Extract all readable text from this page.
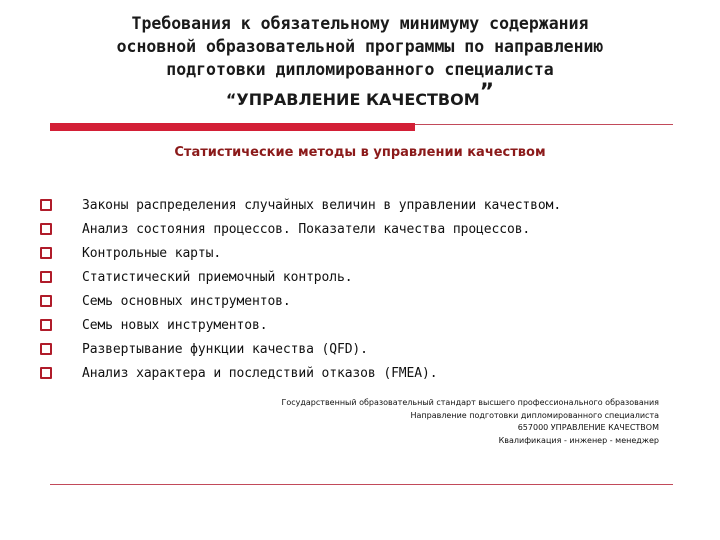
Требования к обязательному минимуму содержания
основной образовательной программы по направлению
подготовки дипломированного специалиста
“УПРАВЛЕНИЕ КАЧЕСТВОМ”
Статистические методы в управлении качеством
Законы распределения случайных величин в управлении качеством.
Анализ состояния процессов. Показатели качества процессов.
Контрольные карты.
Статистический приемочный контроль.
Семь основных инструментов.
Семь новых инструментов.
Развертывание функции качества (QFD).
Анализ характера и последствий отказов (FMEA).
Государственный образовательный стандарт высшего профессионального образования
Направление подготовки дипломированного специалиста
657000 УПРАВЛЕНИЕ КАЧЕСТВОМ
Квалификация - инженер - менеджер
